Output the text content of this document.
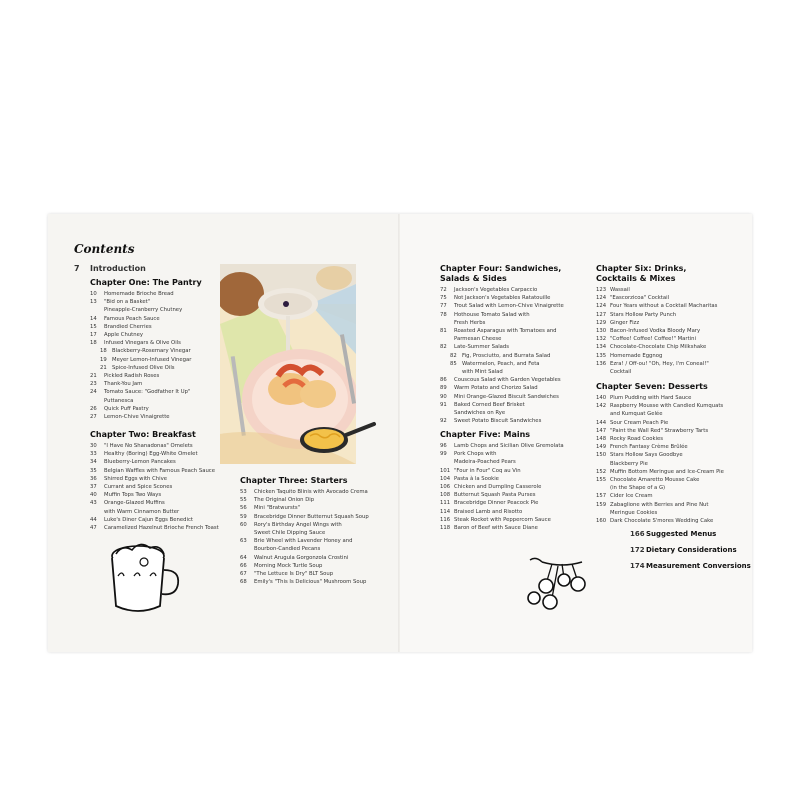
Contents
7	Introduction
Chapter One: The Pantry
10	Homemade Brioche Bread
13	"Bid on a Basket"
Pineapple-Cranberry Chutney
14	Famous Peach Sauce
15	Brandied Cherries
17	Apple Chutney
18	Infused Vinegars & Olive Oils
18 Blackberry-Rosemary Vinegar
19 Meyer Lemon-Infused Vinegar
21 Spice-Infused Olive Oils
21	Pickled Radish Roses
23	Thank-You Jam
24	Tomato Sauce: "Godfather It Up"
Puttanesca
26	Quick Puff Pastry
27	Lemon-Chive Vinaigrette
Chapter Two: Breakfast
30	"I Have No Shanadonas" Omelets
33	Healthy (Boring) Egg-White Omelet
34	Blueberry-Lemon Pancakes
35	Belgian Waffles with Famous Peach Sauce
36	Shirred Eggs with Chive
37	Currant and Spice Scones
40	Muffin Tops Two Ways
43	Orange-Glazed Muffins
with Warm Cinnamon Butter
44	Luke's Diner Cajun Eggs Benedict
47	Caramelized Hazelnut Brioche French Toast
Chapter Three: Starters
53	Chicken Taquito Blinis with Avocado Crema
55	The Original Onion Dip
56	Mini "Bratwursts"
59	Bracebridge Dinner Butternut Squash Soup
60	Rory's Birthday Angel Wings with
Sweet Chile Dipping Sauce
63	Brie Wheel with Lavender Honey and
Bourbon-Candied Pecans
64	Walnut Arugula Gorgonzola Crostini
66	Morning Mock Turtle Soup
67	"The Lettuce Is Dry" BLT Soup
68	Emily's "This Is Delicious" Mushroom Soup
Chapter Four: Sandwiches,
Salads & Sides
72	Jackson's Vegetables Carpaccio
75	Not Jackson's Vegetables Ratatouille
77	Trout Salad with Lemon-Chive Vinaigrette
78	Hothouse Tomato Salad with
Fresh Herbs
81	Roasted Asparagus with Tomatoes and
Parmesan Cheese
82	Late-Summer Salads
82 Fig, Prosciutto, and Burrata Salad
85 Watermelon, Peach, and Feta
with Mint Salad
86	Couscous Salad with Garden Vegetables
89	Warm Potato and Chorizo Salad
90	Mini Orange-Glazed Biscuit Sandwiches
91	Baked Corned Beef Brisket
Sandwiches on Rye
92	Sweet Potato Biscuit Sandwiches
Chapter Five: Mains
96	Lamb Chops and Sicilian Olive Gremolata
99	Pork Chops with
Madeira-Poached Pears
101 "Four in Four" Coq au Vin
104 Pasta à la Sookie
106 Chicken and Dumpling Casserole
108 Butternut Squash Pasta Purses
111 Bracebridge Dinner Peacock Pie
114 Braised Lamb and Risotto
116 Steak Rocket with Peppercorn Sauce
118 Baron of Beef with Sauce Diane
Chapter Six: Drinks,
Cocktails & Mixes
123 Wassail
124 "Eascorzicoa" Cocktail
124 Four Years without a Cocktail Macharitas
127 Stars Hollow Party Punch
129 Ginger Fizz
130 Bacon-Infused Vodka Bloody Mary
132 "Coffee! Coffee! Coffee!" Martini
134 Chocolate-Chocolate Chip Milkshake
135 Homemade Eggnog
136 Ezra! / Off-ou! "Oh, Hey, I'm Coneal!"
Cocktail
Chapter Seven: Desserts
140 Plum Pudding with Hard Sauce
142 Raspberry Mousse with Candied Kumquats
and Kumquat Gelée
144 Sour Cream Peach Pie
147 "Paint the Wall Red" Strawberry Tarts
148 Rocky Road Cookies
149 French Fantasy Crème Brûlée
150 Stars Hollow Says Goodbye
Blackberry Pie
152 Muffin Bottom Meringue and Ice-Cream Pie
155 Chocolate Amaretto Mousse Cake
(in the Shape of a G)
157 Cider Ice Cream
159 Zabaglione with Berries and Pine Nut
Meringue Cookies
160 Dark Chocolate S'mores Wedding Cake
166 Suggested Menus
172 Dietary Considerations
174 Measurement Conversions
